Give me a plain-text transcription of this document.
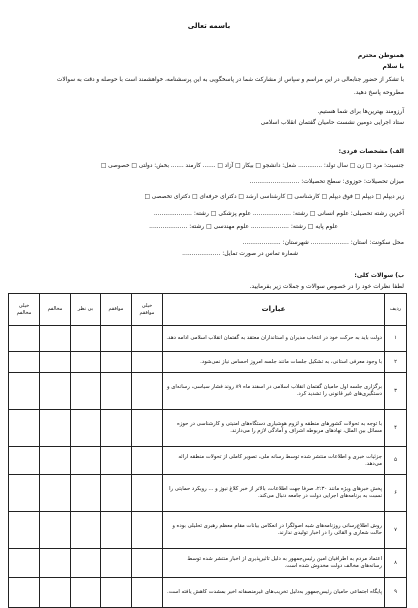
باسمه تعالی
همنوطن محترم
با سلام
با تشکر از حضور جنابعالی در این مراسم و سپاس از مشارکت شما در پاسخگویی به این پرسشنامه، خواهشمند است با حوصله و دقت به سوالات
مطروحه پاسخ دهید.
آرزومند بهترین‌ها برای شما هستیم.
ستاد اجرایی دومین نشست حامیان گفتمان انقلاب اسلامی
الف) مشخصات فردی:
جنسیت: مرد □ زن □ سال تولد: ............. شغل: دانشجو □ بیکار □ آزاد □ ....... کارمند ....... بخش: دولتی □ خصوصی □
میزان تحصیلات: حوزوی: سطح تحصیلات: ..........................
زیر دیپلم □ دیپلم □ فوق دیپلم □ کارشناسی □ کارشناسی ارشد □ دکترای حرفه‌ای □ دکترای تخصصی □
آخرین رشته تحصیلی: علوم انسانی □ رشته: .................... علوم پزشکی □ رشته: ....................
علوم پایه □ رشته: .................... علوم مهندسی □ رشته: ....................
محل سکونت: استان: .................... شهرستان: ....................
شماره تماس در صورت تمایل: ....................
ب) سوالات کلی:
لطفا نظرات خود را در خصوص سوالات و جملات زیر بفرمایید.
ردیف	عبارات	خیلی موافقم	موافقم	بی نظر	مخالفم	خیلی مخالفم
۱	دولت باید به حرکت خود در انتخاب مدیران و استانداران معتقد به گفتمان انقلاب اسلامی ادامه دهد.					
۲	با وجود معرفی استانی، به تشکیل جلسات مانند جلسه امروز احساس نیاز نمی‌شود.					
۳	برگزاری جلسه اول حامیان گفتمان انقلاب اسلامی در اسفند ماه ۸۹ روند فشار سیاسی، رسانه‌ای و دستگیری‌های غیر قانونی را تشدید کرد.					
۴	با توجه به تحولات کشورهای منطقه و لزوم هوشیاری دستگاه‌های امنیتی و کارشناسی در حوزه مسائل بین الملل، نهادهای مربوطه اشراف و آمادگی لازم را می‌دارند.					
۵	جزئیات خبری و اطلاعات منتشر شده توسط رسانه ملی، تصویر کاملی از تحولات منطقه ارائه می‌دهد.					
۶	پخش خبرهای ویژه مانند ۲:۳۰، صرفا جهت اطلاعات، بالاتر از خبر کلاغ نیوز و ... رویکرد حمایتی را نسبت به برنامه‌های اجرایی دولت در جامعه دنبال می‌کند.					
۷	روش اطلاع‌رسانی روزنامه‌های شبه اصولگرا در انعکاس بیانات مقام معظم رهبری تحلیلی بوده و حالت شعاری و القائی را در اخبار تولیدی ندارند.					
۸	اعتماد مردم به اطرافیان امین رئیس‌جمهور به دلیل تاثیرپذیری از اخبار منتشر شده توسط رسانه‌های مخالف دولت مخدوش شده است.					
۹	پایگاه اجتماعی حامیان رئیس‌جمهور به‌دلیل تخریب‌های غیرمنصفانه اخیر بمشدت کاهش یافته است.					
